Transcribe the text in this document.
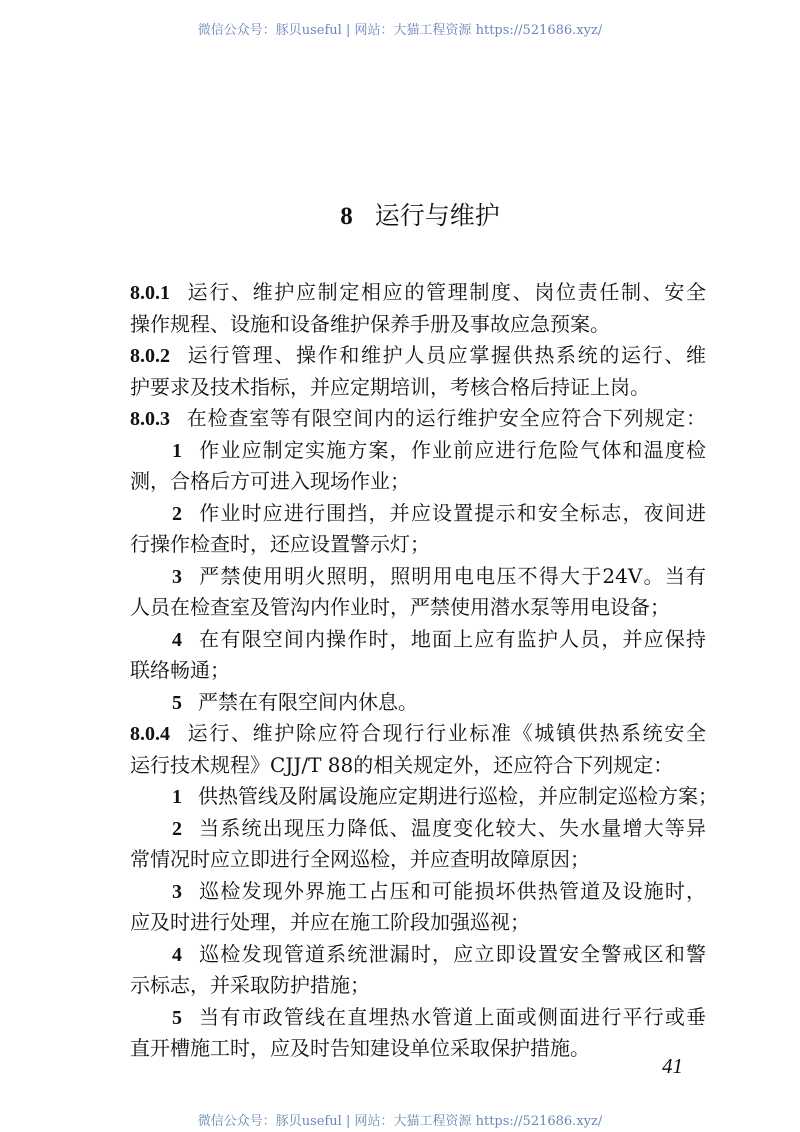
微信公众号：豚贝useful | 网站：大猫工程资源 https://521686.xyz/
8 运行与维护
8.0.1 运行、维护应制定相应的管理制度、岗位责任制、安全
操作规程、设施和设备维护保养手册及事故应急预案。
8.0.2 运行管理、操作和维护人员应掌握供热系统的运行、维
护要求及技术指标，并应定期培训，考核合格后持证上岗。
8.0.3 在检查室等有限空间内的运行维护安全应符合下列规定：
1 作业应制定实施方案，作业前应进行危险气体和温度检
测，合格后方可进入现场作业；
2 作业时应进行围挡，并应设置提示和安全标志，夜间进
行操作检查时，还应设置警示灯；
3 严禁使用明火照明，照明用电电压不得大于24V。当有
人员在检查室及管沟内作业时，严禁使用潜水泵等用电设备；
4 在有限空间内操作时，地面上应有监护人员，并应保持
联络畅通；
5 严禁在有限空间内休息。
8.0.4 运行、维护除应符合现行行业标准《城镇供热系统安全
运行技术规程》CJJ/T 88的相关规定外，还应符合下列规定：
1 供热管线及附属设施应定期进行巡检，并应制定巡检方案；
2 当系统出现压力降低、温度变化较大、失水量增大等异
常情况时应立即进行全网巡检，并应查明故障原因；
3 巡检发现外界施工占压和可能损坏供热管道及设施时，
应及时进行处理，并应在施工阶段加强巡视；
4 巡检发现管道系统泄漏时，应立即设置安全警戒区和警
示标志，并采取防护措施；
5 当有市政管线在直埋热水管道上面或侧面进行平行或垂
直开槽施工时，应及时告知建设单位采取保护措施。
41
微信公众号：豚贝useful | 网站：大猫工程资源 https://521686.xyz/
